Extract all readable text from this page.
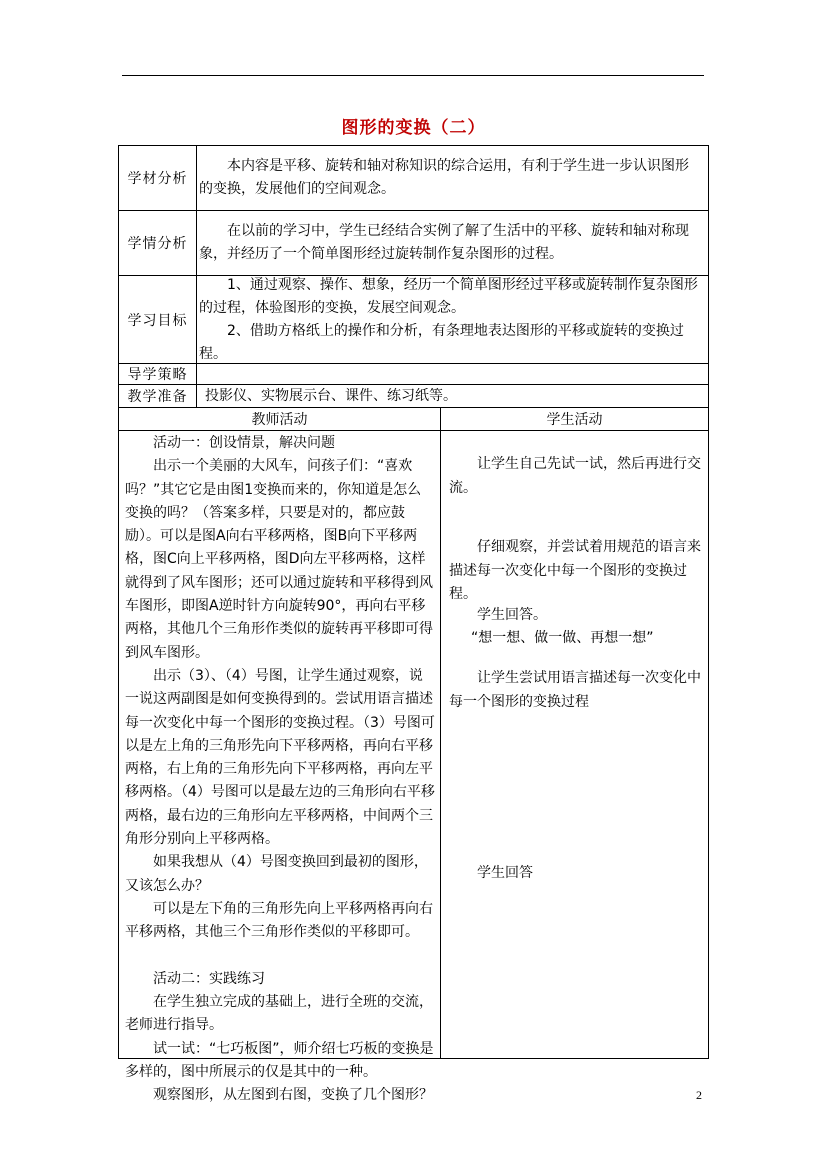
图形的变换（二）
学材分析
本内容是平移、旋转和轴对称知识的综合运用，有利于学生进一步认识图形的变换，发展他们的空间观念。
学情分析
在以前的学习中，学生已经结合实例了解了生活中的平移、旋转和轴对称现象，并经历了一个简单图形经过旋转制作复杂图形的过程。
学习目标
1、通过观察、操作、想象，经历一个简单图形经过平移或旋转制作复杂图形的过程，体验图形的变换，发展空间观念。
2、借助方格纸上的操作和分析，有条理地表达图形的平移或旋转的变换过程。
导学策略
教学准备	投影仪、实物展示台、课件、练习纸等。
教师活动	学生活动
活动一：创设情景，解决问题
出示一个美丽的大风车，问孩子们：“喜欢吗？”其它它是由图1变换而来的，你知道是怎么变换的吗？（答案多样，只要是对的，都应鼓励）。可以是图A向右平移两格，图B向下平移两格，图C向上平移两格，图D向左平移两格，这样就得到了风车图形；还可以通过旋转和平移得到风车图形，即图A逆时针方向旋转90°，再向右平移两格，其他几个三角形作类似的旋转再平移即可得到风车图形。
出示（3）、（4）号图，让学生通过观察，说一说这两副图是如何变换得到的。尝试用语言描述每一次变化中每一个图形的变换过程。（3）号图可以是左上角的三角形先向下平移两格，再向右平移两格，右上角的三角形先向下平移两格，再向左平移两格。（4）号图可以是最左边的三角形向右平移两格，最右边的三角形向左平移两格，中间两个三角形分别向上平移两格。
如果我想从（4）号图变换回到最初的图形，又该怎么办？
可以是左下角的三角形先向上平移两格再向右平移两格，其他三个三角形作类似的平移即可。
活动二：实践练习
在学生独立完成的基础上，进行全班的交流，老师进行指导。
试一试：“七巧板图”，师介绍七巧板的变换是多样的，图中所展示的仅是其中的一种。
观察图形，从左图到右图，变换了几个图形？
让学生自己先试一试，然后再进行交流。
仔细观察，并尝试着用规范的语言来描述每一次变化中每一个图形的变换过程。
学生回答。
“想一想、做一做、再想一想”
让学生尝试用语言描述每一次变化中每一个图形的变换过程
学生回答
2
